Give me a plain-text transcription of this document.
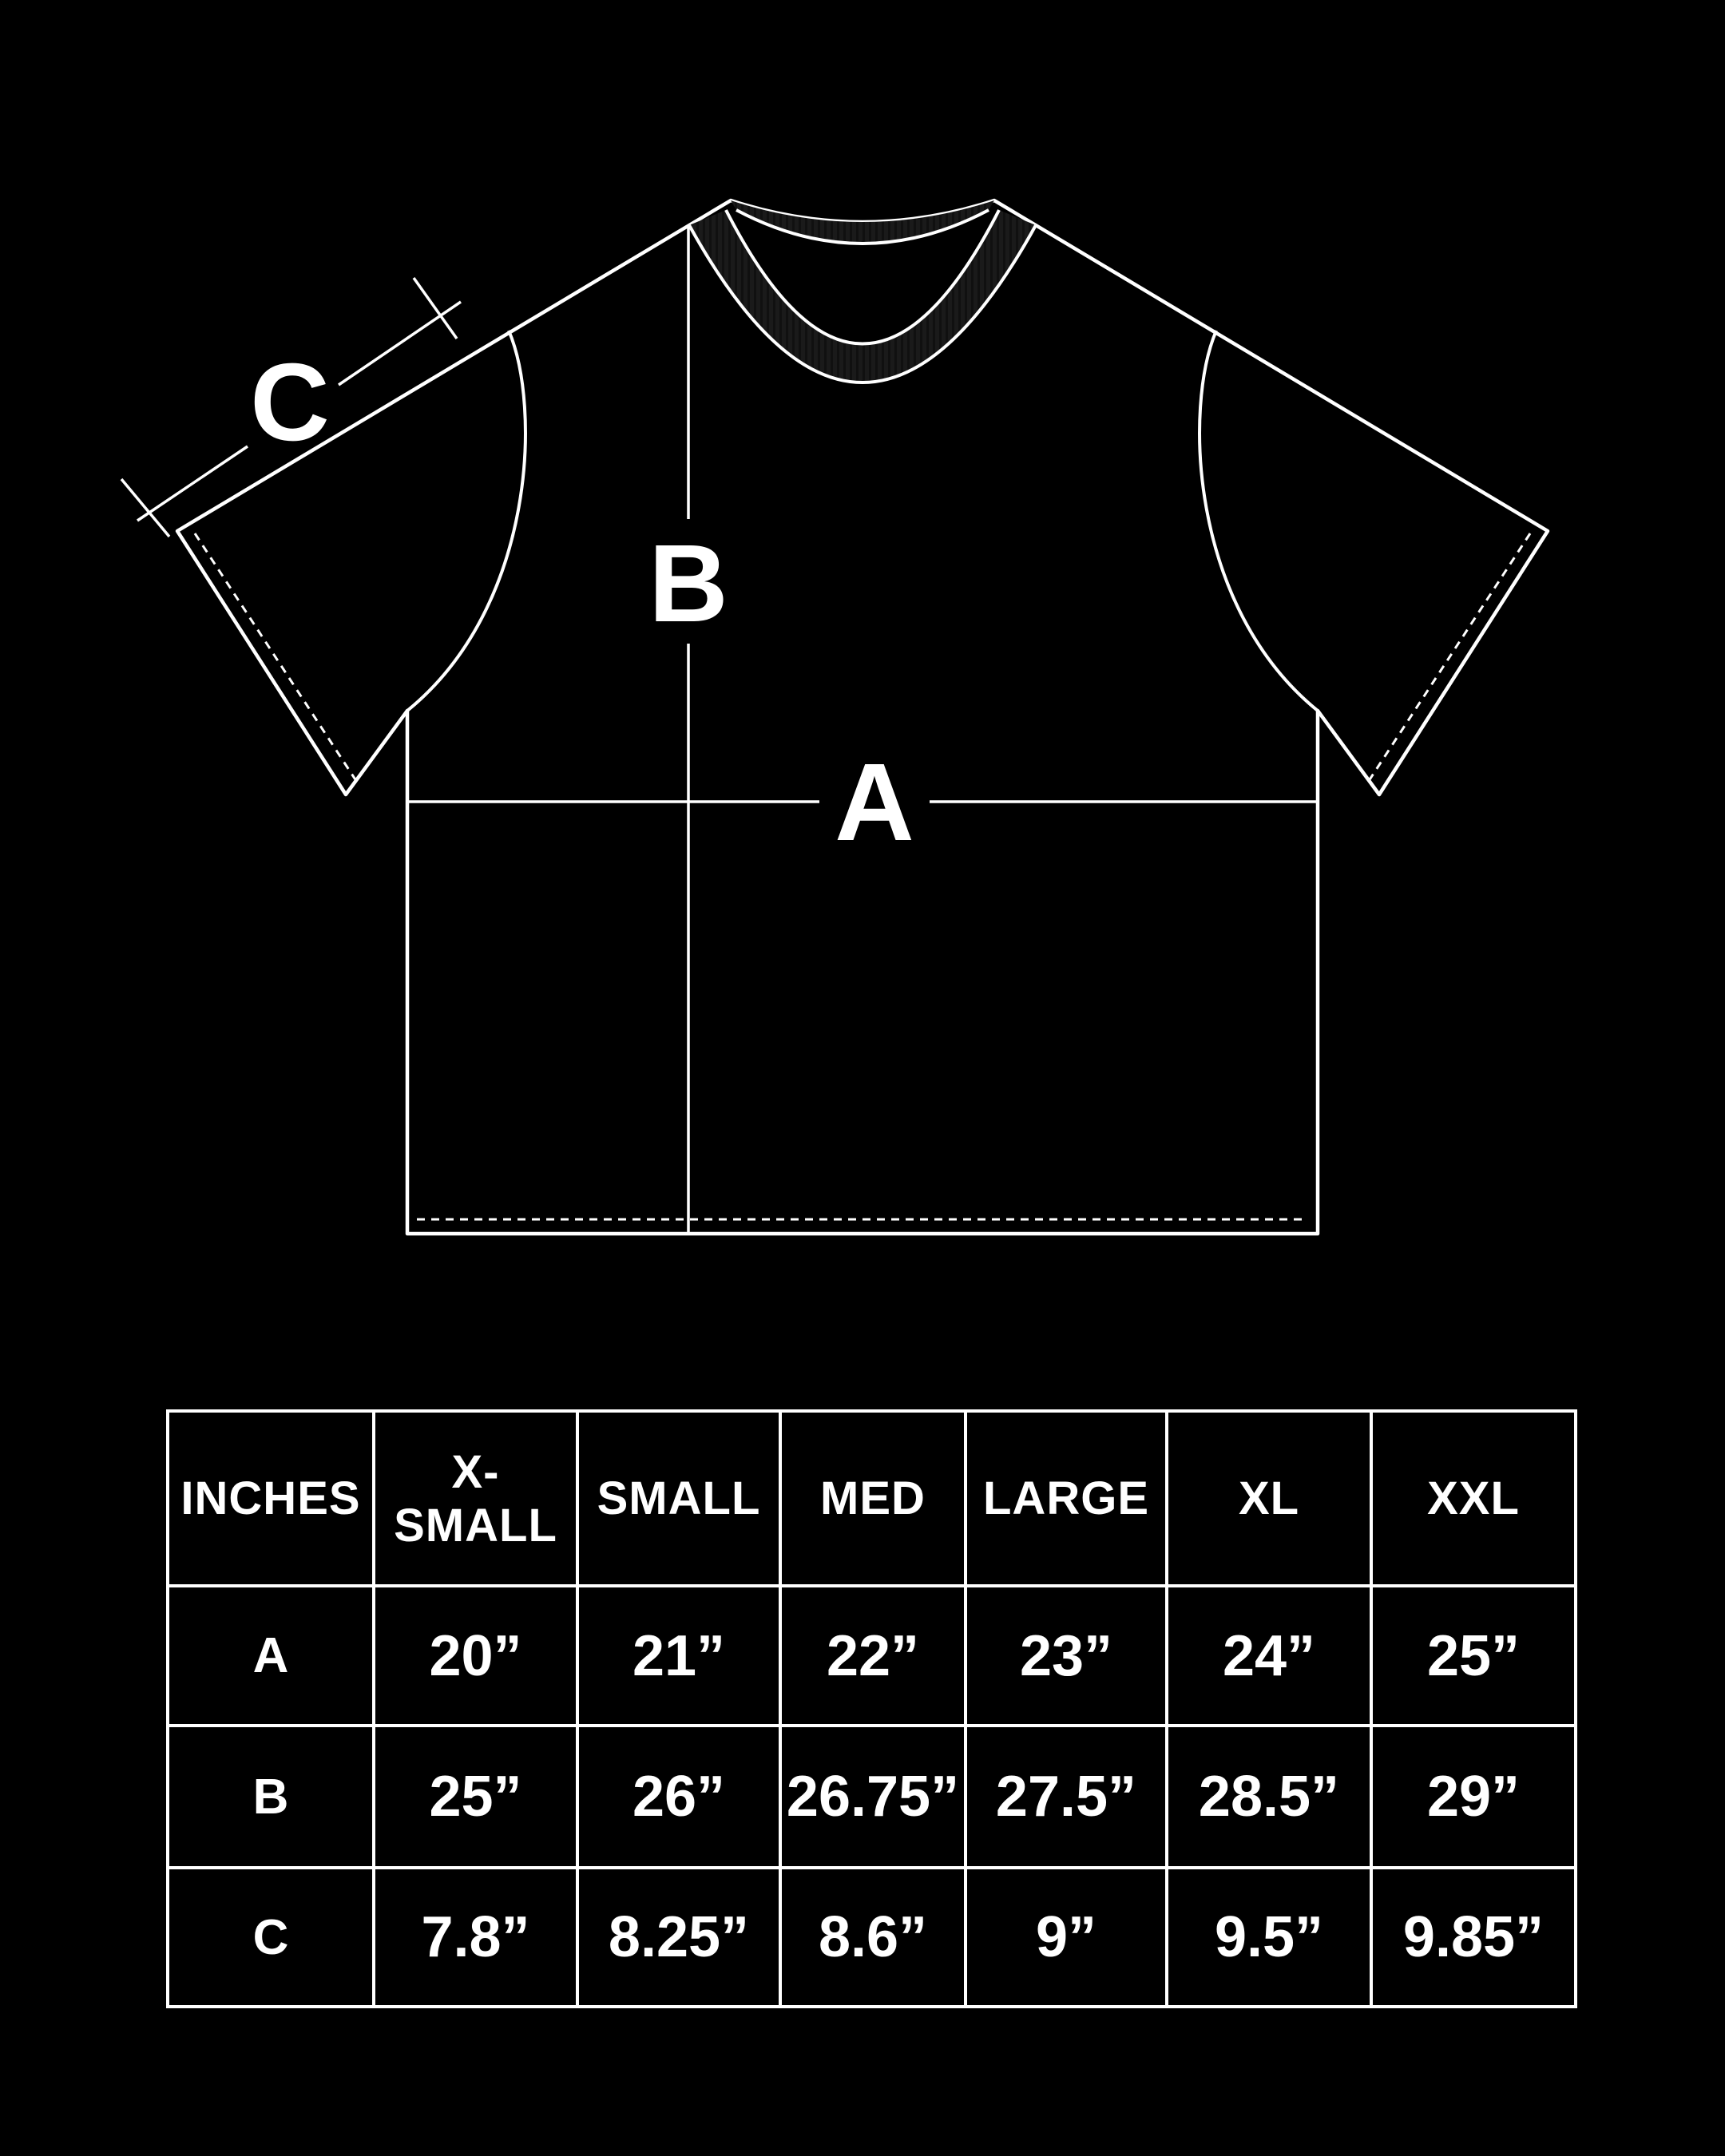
A
B
C
INCHES	X-SMALL	SMALL	MED	LARGE	XL	XXL
A	20”	21”	22”	23”	24”	25”
B	25”	26”	26.75”	27.5”	28.5”	29”
C	7.8”	8.25”	8.6”	9”	9.5”	9.85”
